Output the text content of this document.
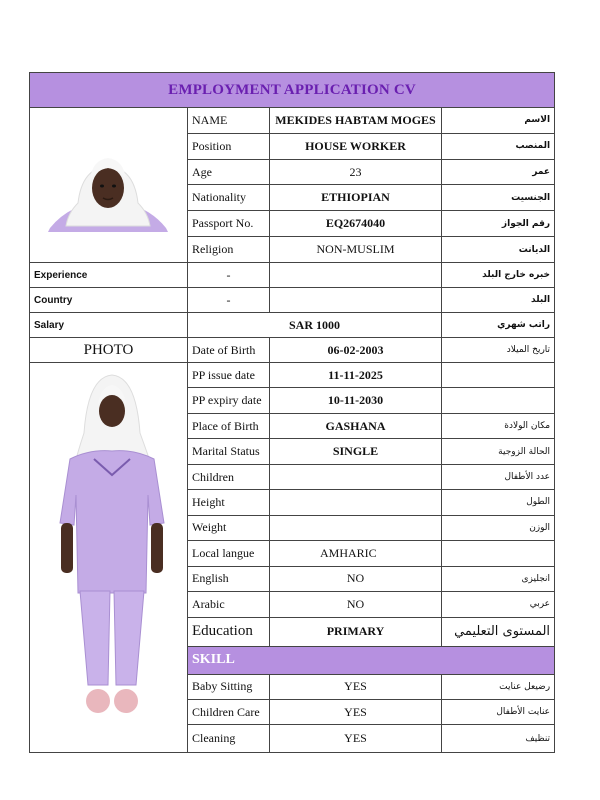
EMPLOYMENT APPLICATION CV			
	NAME	MEKIDES HABTAM MOGES	الاسم
	Position	HOUSE WORKER	المنصب
	Age	23	عمر
	Nationality	ETHIOPIAN	الجنسيت
	Passport No.	EQ2674040	رقم الجواز
	Religion	NON-MUSLIM	الديانت
Experience	-		خبره خارج البلد
Country	-		البلد
Salary	SAR 1000		راتب شهري
PHOTO	Date of Birth	06-02-2003	تاريخ الميلاد
	PP issue date	11-11-2025	
	PP expiry date	10-11-2030	
	Place of Birth	GASHANA	مكان الولادة
	Marital Status	SINGLE	الحالة الزوجية
	Children		عدد الأطفال
	Height		الطول
	Weight		الوزن
	Local langue	AMHARIC	
	English	NO	انجليزى
	Arabic	NO	عربي
	Education	PRIMARY	المستوى التعليمي
	SKILL		
	Baby Sitting	YES	رضيعل عنايت
	Children Care	YES	عنايت الأطفال
	Cleaning	YES	تنظيف
